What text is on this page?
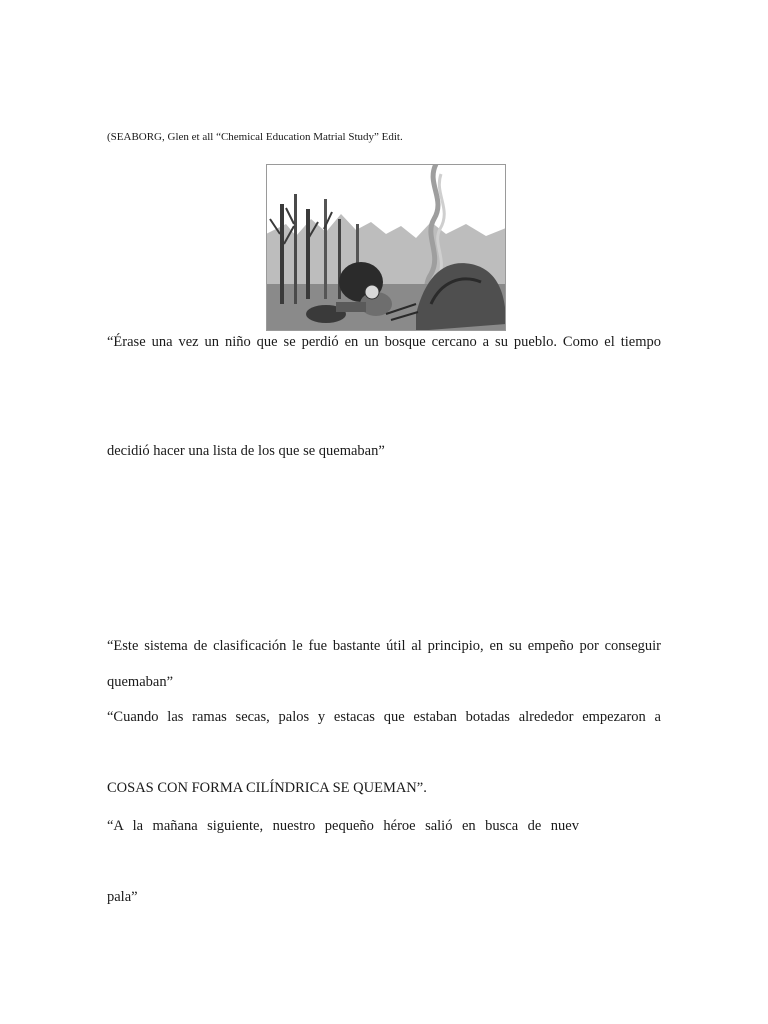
(SEABORG, Glen et all “Chemical Education Matrial Study” Edit.
“Érase una vez un niño que se perdió en un bosque cercano a su pueblo. Como el tiempo
decidió hacer una lista de los que se quemaban”
“Este sistema de clasificación le fue bastante útil al principio, en su empeño por conseguir
quemaban”
“Cuando las ramas secas, palos y estacas que estaban botadas alrededor empezaron a
COSAS CON FORMA CILÍNDRICA SE QUEMAN”.
“A la mañana siguiente, nuestro pequeño héroe salió en busca de nuev
pala”
